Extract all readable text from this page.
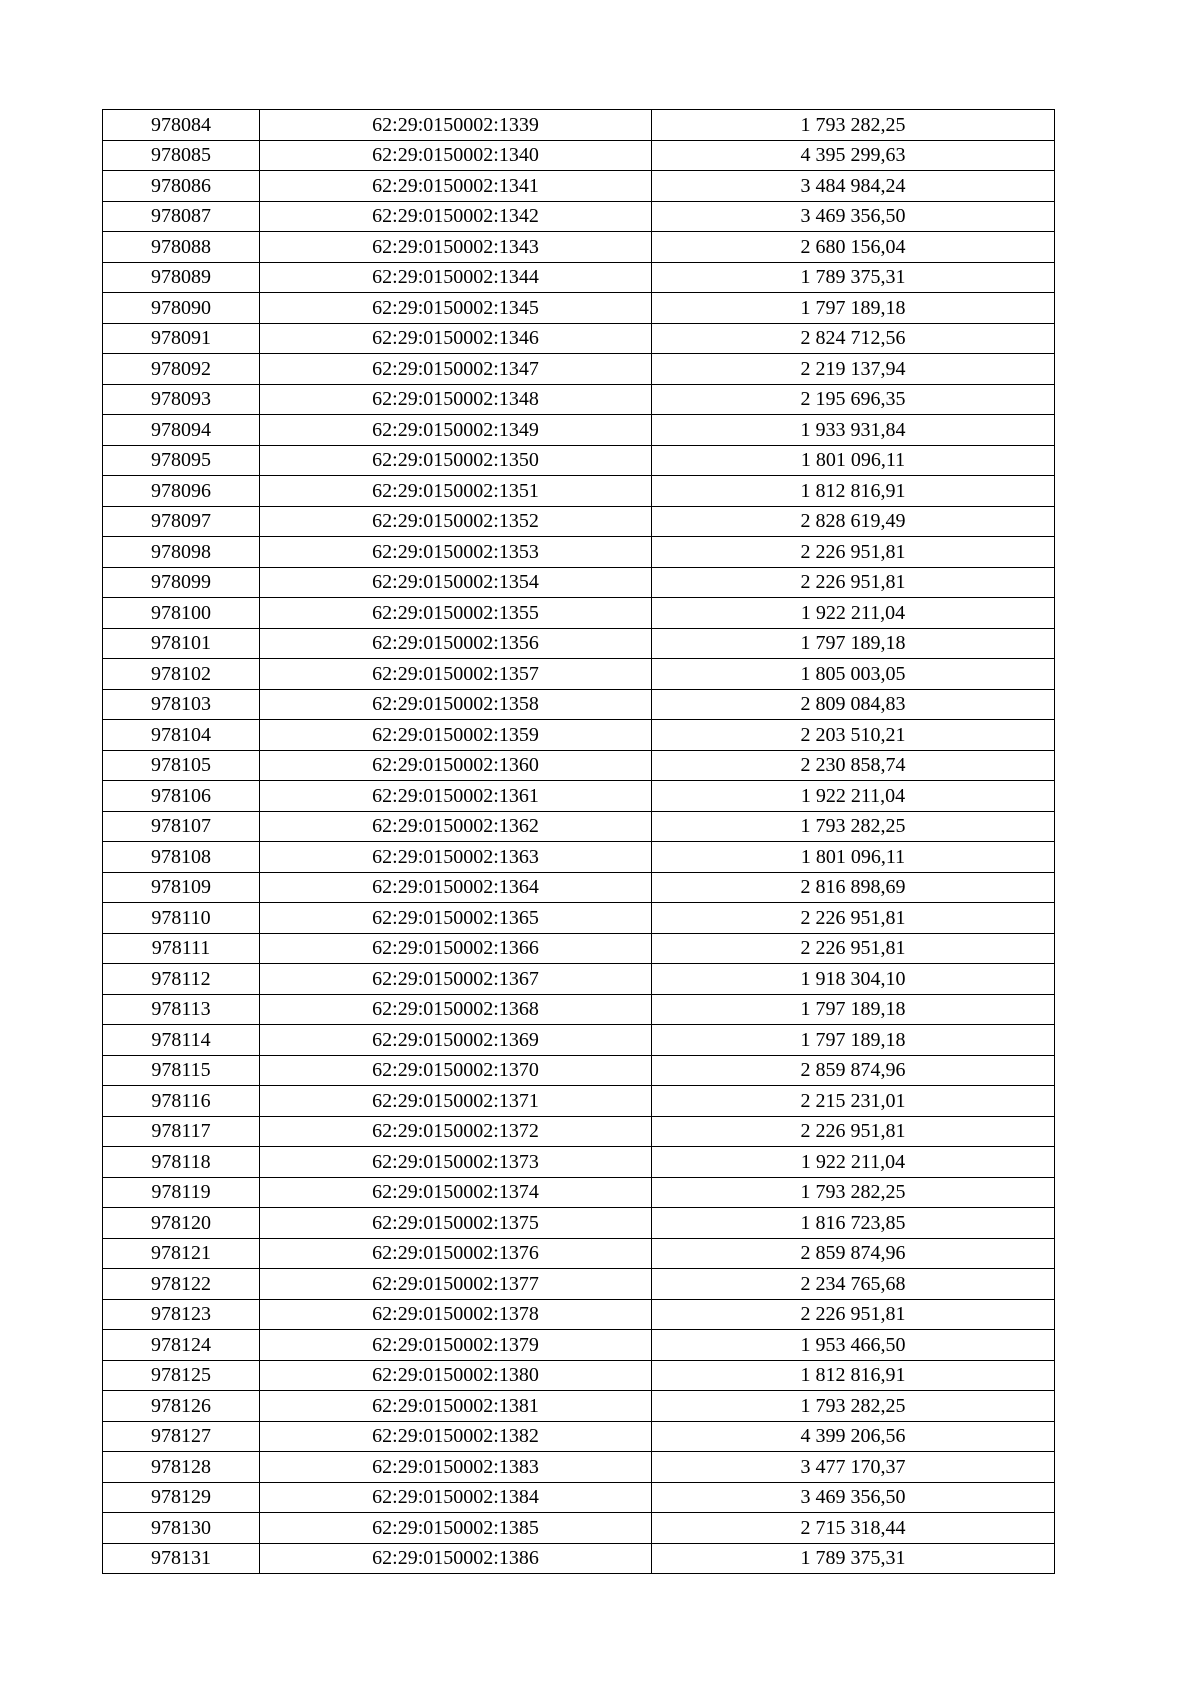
978084	62:29:0150002:1339	1 793 282,25
978085	62:29:0150002:1340	4 395 299,63
978086	62:29:0150002:1341	3 484 984,24
978087	62:29:0150002:1342	3 469 356,50
978088	62:29:0150002:1343	2 680 156,04
978089	62:29:0150002:1344	1 789 375,31
978090	62:29:0150002:1345	1 797 189,18
978091	62:29:0150002:1346	2 824 712,56
978092	62:29:0150002:1347	2 219 137,94
978093	62:29:0150002:1348	2 195 696,35
978094	62:29:0150002:1349	1 933 931,84
978095	62:29:0150002:1350	1 801 096,11
978096	62:29:0150002:1351	1 812 816,91
978097	62:29:0150002:1352	2 828 619,49
978098	62:29:0150002:1353	2 226 951,81
978099	62:29:0150002:1354	2 226 951,81
978100	62:29:0150002:1355	1 922 211,04
978101	62:29:0150002:1356	1 797 189,18
978102	62:29:0150002:1357	1 805 003,05
978103	62:29:0150002:1358	2 809 084,83
978104	62:29:0150002:1359	2 203 510,21
978105	62:29:0150002:1360	2 230 858,74
978106	62:29:0150002:1361	1 922 211,04
978107	62:29:0150002:1362	1 793 282,25
978108	62:29:0150002:1363	1 801 096,11
978109	62:29:0150002:1364	2 816 898,69
978110	62:29:0150002:1365	2 226 951,81
978111	62:29:0150002:1366	2 226 951,81
978112	62:29:0150002:1367	1 918 304,10
978113	62:29:0150002:1368	1 797 189,18
978114	62:29:0150002:1369	1 797 189,18
978115	62:29:0150002:1370	2 859 874,96
978116	62:29:0150002:1371	2 215 231,01
978117	62:29:0150002:1372	2 226 951,81
978118	62:29:0150002:1373	1 922 211,04
978119	62:29:0150002:1374	1 793 282,25
978120	62:29:0150002:1375	1 816 723,85
978121	62:29:0150002:1376	2 859 874,96
978122	62:29:0150002:1377	2 234 765,68
978123	62:29:0150002:1378	2 226 951,81
978124	62:29:0150002:1379	1 953 466,50
978125	62:29:0150002:1380	1 812 816,91
978126	62:29:0150002:1381	1 793 282,25
978127	62:29:0150002:1382	4 399 206,56
978128	62:29:0150002:1383	3 477 170,37
978129	62:29:0150002:1384	3 469 356,50
978130	62:29:0150002:1385	2 715 318,44
978131	62:29:0150002:1386	1 789 375,31
